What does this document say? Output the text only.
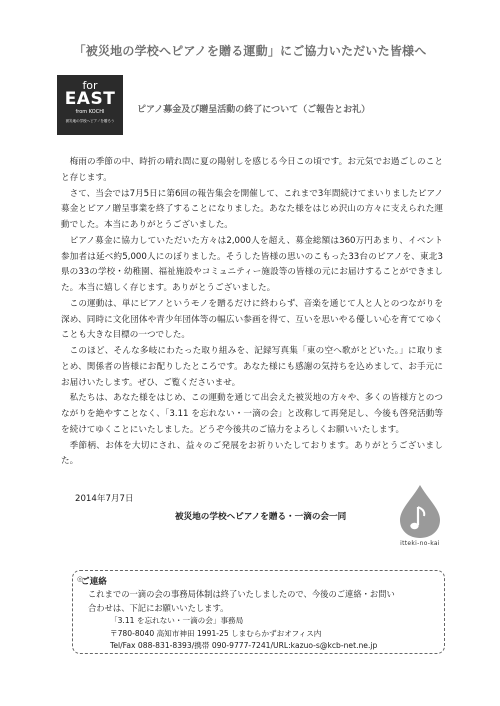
「被災地の学校へピアノを贈る運動」にご協力いただいた皆様へ
for
EAST
from KOCHI
被災地の学校へピアノを贈ろう
ピアノ募金及び贈呈活動の終了について（ご報告とお礼）

梅雨の季節の中、時折の晴れ間に夏の陽射しを感じる今日この頃です。お元気でお過ごしのことと存じます。

さて、当会では7月5日に第6回の報告集会を開催して、これまで3年間続けてまいりましたピアノ募金とピアノ贈呈事業を終了することになりました。あなた様をはじめ沢山の方々に支えられた運動でした。本当にありがとうございました。

ピアノ募金に協力していただいた方々は2,000人を超え、募金総額は360万円あまり、イベント参加者は延べ約5,000人にのぼりました。そうした皆様の思いのこもった33台のピアノを、東北3県の33の学校・幼稚園、福祉施設やコミュニティー施設等の皆様の元にお届けすることができました。本当に嬉しく存じます。ありがとうございました。

この運動は、単にピアノというモノを贈るだけに終わらず、音楽を通じて人と人とのつながりを深め、同時に文化団体や青少年団体等の幅広い参画を得て、互いを思いやる優しい心を育ててゆくことも大きな目標の一つでした。

このほど、そんな多岐にわたった取り組みを、記録写真集「東の空へ歌がとどいた。」に取りまとめ、関係者の皆様にお配りしたところです。あなた様にも感謝の気持ちを込めまして、お手元にお届けいたします。ぜひ、ご覧くださいませ。

私たちは、あなた様をはじめ、この運動を通じて出会えた被災地の方々や、多くの皆様方とのつながりを絶やすことなく、「3.11 を忘れない・一滴の会」と改称して再発足し、今後も啓発活動等を続けてゆくことにいたしました。どうぞ今後共のご協力をよろしくお願いいたします。

季節柄、お体を大切にされ、益々のご発展をお祈りいたしております。ありがとうございました。

2014年7月7日
被災地の学校へピアノを贈る・一滴の会一同
itteki-no-kai
◎
ご連絡
これまでの一滴の会の事務局体制は終了いたしましたので、今後のご連絡・お問い
合わせは、下記にお願いいたします。
「3.11 を忘れない・一滴の会」事務局
〒780-8040 高知市神田 1991-25 しまむらかずおオフィス内
Tel/Fax 088-831-8393/携帯 090-9777-7241/URL:kazuo-s@kcb-net.ne.jp
